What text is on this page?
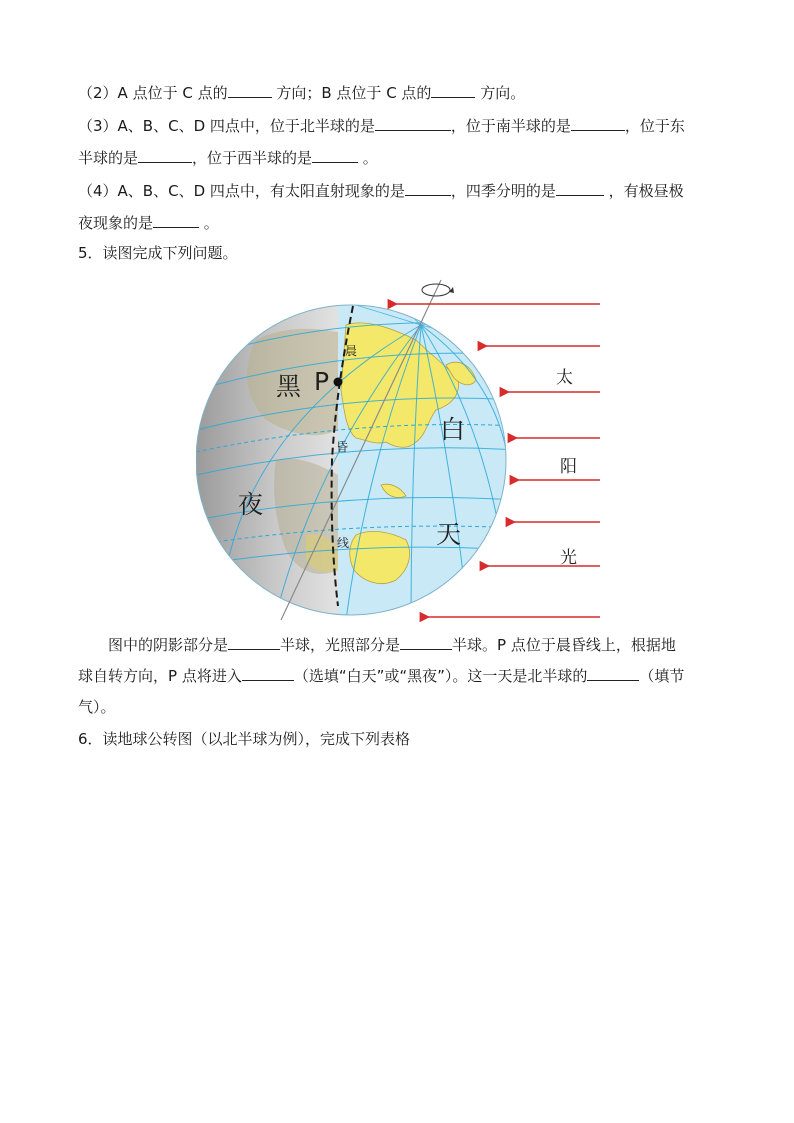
（2）A 点位于 C 点的	方向；B 点位于 C 点的	方向。
（3）A、B、C、D 四点中，位于北半球的是	，位于南半球的是	，位于东
半球的是	，位于西半球的是	。
（4）A、B、C、D 四点中，有太阳直射现象的是	，四季分明的是	，有极昼极
夜现象的是	。
5．读图完成下列问题。
黑 P
夜
白
天
晨
昏
线
太
阳
光
图中的阴影部分是	半球，光照部分是	半球。P 点位于晨昏线上，根据地
球自转方向，P 点将进入	（选填“白天”或“黑夜”）。这一天是北半球的	（填节
气）。
6．读地球公转图（以北半球为例），完成下列表格
